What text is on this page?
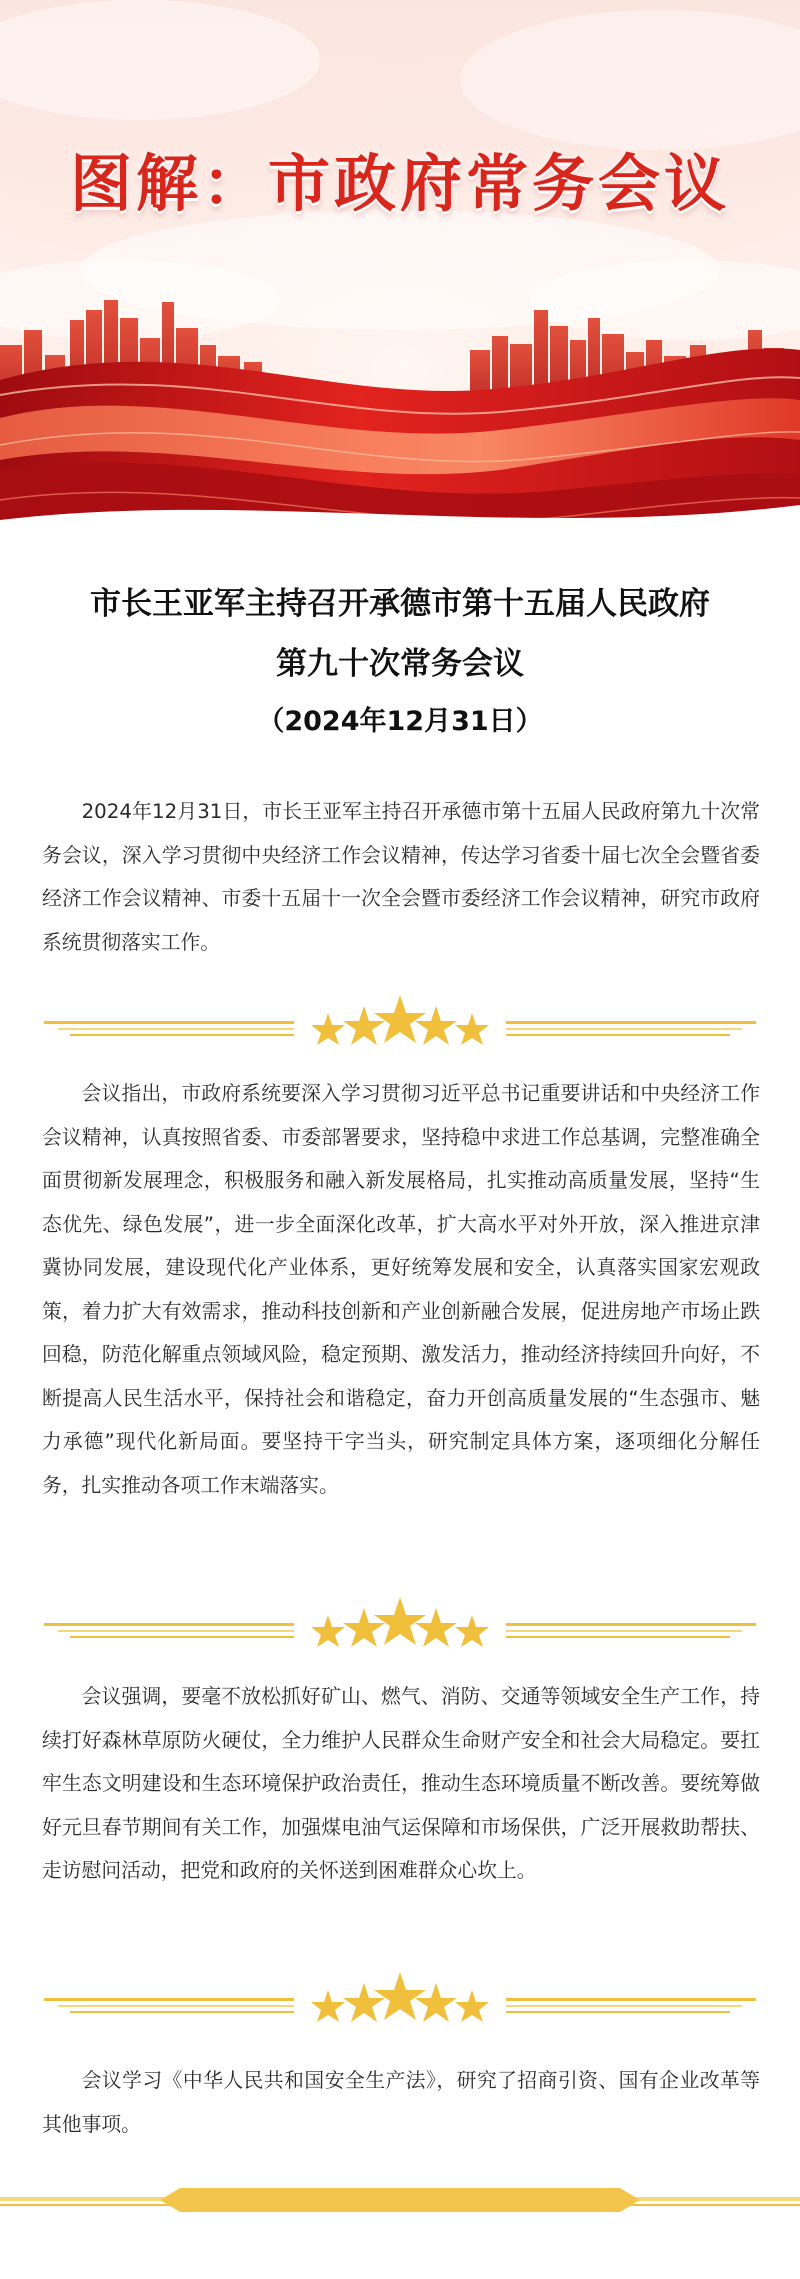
图解：市政府常务会议
市长王亚军主持召开承德市第十五届人民政府
第九十次常务会议
（2024年12月31日）

2024年12月31日，市长王亚军主持召开承德市第十五届人民政府第九十次常务会议，深入学习贯彻中央经济工作会议精神，传达学习省委十届七次全会暨省委经济工作会议精神、市委十五届十一次全会暨市委经济工作会议精神，研究市政府系统贯彻落实工作。

会议指出，市政府系统要深入学习贯彻习近平总书记重要讲话和中央经济工作会议精神，认真按照省委、市委部署要求，坚持稳中求进工作总基调，完整准确全面贯彻新发展理念，积极服务和融入新发展格局，扎实推动高质量发展，坚持“生态优先、绿色发展”，进一步全面深化改革，扩大高水平对外开放，深入推进京津冀协同发展，建设现代化产业体系，更好统筹发展和安全，认真落实国家宏观政策，着力扩大有效需求，推动科技创新和产业创新融合发展，促进房地产市场止跌回稳，防范化解重点领域风险，稳定预期、激发活力，推动经济持续回升向好，不断提高人民生活水平，保持社会和谐稳定，奋力开创高质量发展的“生态强市、魅力承德”现代化新局面。要坚持干字当头，研究制定具体方案，逐项细化分解任务，扎实推动各项工作末端落实。

会议强调，要毫不放松抓好矿山、燃气、消防、交通等领域安全生产工作，持续打好森林草原防火硬仗，全力维护人民群众生命财产安全和社会大局稳定。要扛牢生态文明建设和生态环境保护政治责任，推动生态环境质量不断改善。要统筹做好元旦春节期间有关工作，加强煤电油气运保障和市场保供，广泛开展救助帮扶、走访慰问活动，把党和政府的关怀送到困难群众心坎上。

会议学习《中华人民共和国安全生产法》，研究了招商引资、国有企业改革等其他事项。
